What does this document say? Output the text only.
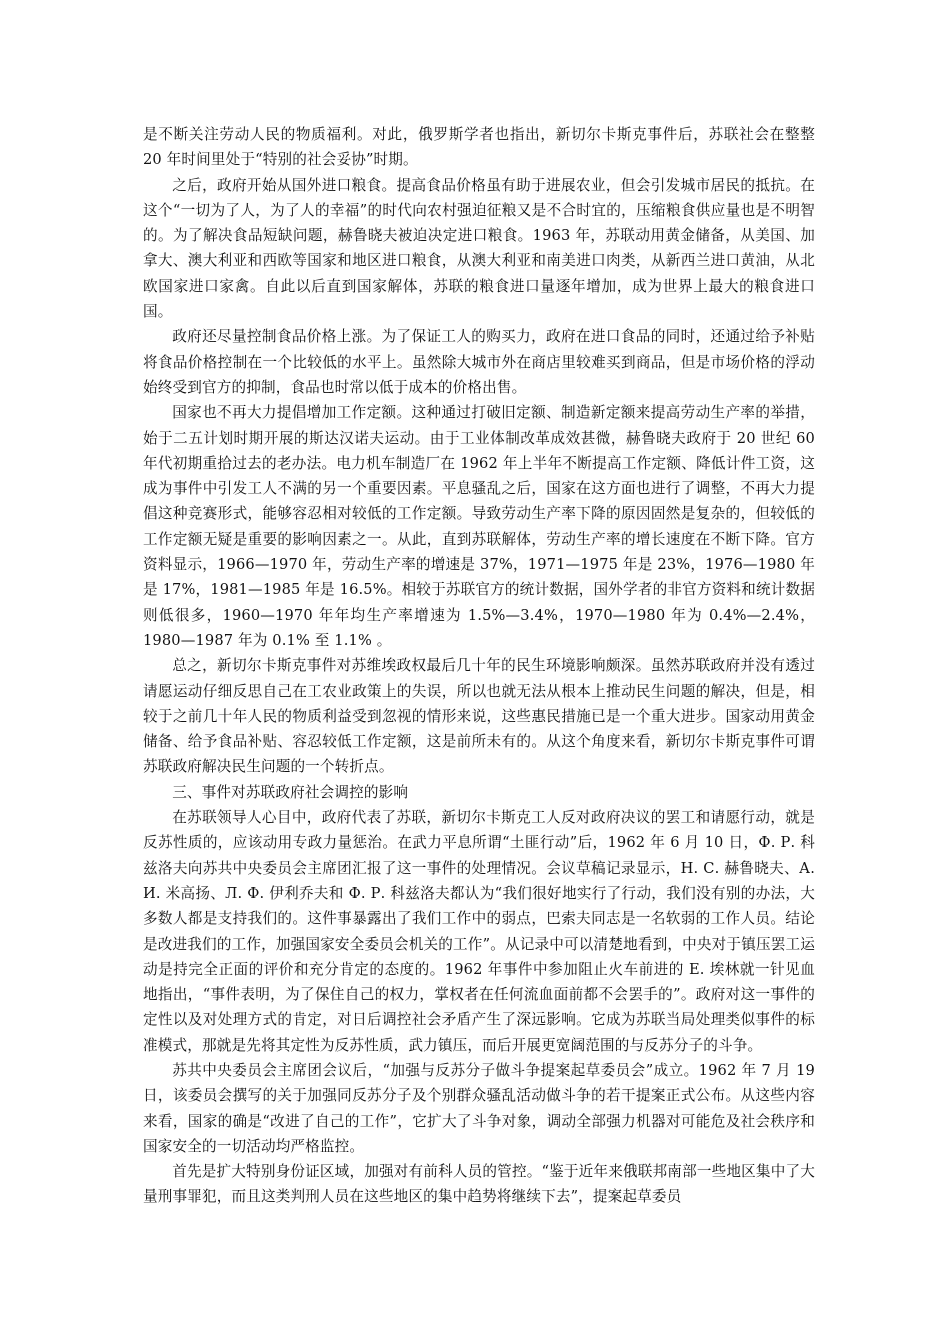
是不断关注劳动人民的物质福利。对此，俄罗斯学者也指出，新切尔卡斯克事件后，苏联社会在整整 20 年时间里处于“特别的社会妥协”时期。

之后，政府开始从国外进口粮食。提高食品价格虽有助于进展农业，但会引发城市居民的抵抗。在这个“一切为了人，为了人的幸福”的时代向农村强迫征粮又是不合时宜的，压缩粮食供应量也是不明智的。为了解决食品短缺问题，赫鲁晓夫被迫决定进口粮食。1963 年，苏联动用黄金储备，从美国、加拿大、澳大利亚和西欧等国家和地区进口粮食，从澳大利亚和南美进口肉类，从新西兰进口黄油，从北欧国家进口家禽。自此以后直到国家解体，苏联的粮食进口量逐年增加，成为世界上最大的粮食进口国。

政府还尽量控制食品价格上涨。为了保证工人的购买力，政府在进口食品的同时，还通过给予补贴将食品价格控制在一个比较低的水平上。虽然除大城市外在商店里较难买到商品，但是市场价格的浮动始终受到官方的抑制，食品也时常以低于成本的价格出售。

国家也不再大力提倡增加工作定额。这种通过打破旧定额、制造新定额来提高劳动生产率的举措，始于二五计划时期开展的斯达汉诺夫运动。由于工业体制改革成效甚微，赫鲁晓夫政府于 20 世纪 60 年代初期重拾过去的老办法。电力机车制造厂在 1962 年上半年不断提高工作定额、降低计件工资，这成为事件中引发工人不满的另一个重要因素。平息骚乱之后，国家在这方面也进行了调整，不再大力提倡这种竞赛形式，能够容忍相对较低的工作定额。导致劳动生产率下降的原因固然是复杂的，但较低的工作定额无疑是重要的影响因素之一。从此，直到苏联解体，劳动生产率的增长速度在不断下降。官方资料显示，1966—1970 年，劳动生产率的增速是 37%，1971—1975 年是 23%，1976—1980 年是 17%，1981—1985 年是 16.5%。相较于苏联官方的统计数据，国外学者的非官方资料和统计数据则低很多，1960—1970 年年均生产率增速为 1.5%—3.4%，1970—1980 年为 0.4%—2.4%，1980—1987 年为 0.1% 至 1.1% 。

总之，新切尔卡斯克事件对苏维埃政权最后几十年的民生环境影响颇深。虽然苏联政府并没有透过请愿运动仔细反思自己在工农业政策上的失误，所以也就无法从根本上推动民生问题的解决，但是，相较于之前几十年人民的物质利益受到忽视的情形来说，这些惠民措施已是一个重大进步。国家动用黄金储备、给予食品补贴、容忍较低工作定额，这是前所未有的。从这个角度来看，新切尔卡斯克事件可谓苏联政府解决民生问题的一个转折点。

三、事件对苏联政府社会调控的影响

在苏联领导人心目中，政府代表了苏联，新切尔卡斯克工人反对政府决议的罢工和请愿行动，就是反苏性质的，应该动用专政力量惩治。在武力平息所谓“土匪行动”后，1962 年 6 月 10 日，Ф. Р. 科兹洛夫向苏共中央委员会主席团汇报了这一事件的处理情况。会议草稿记录显示，Н. С. 赫鲁晓夫、А. И. 米高扬、Л. Ф. 伊利乔夫和 Ф. Р. 科兹洛夫都认为“我们很好地实行了行动，我们没有别的办法，大多数人都是支持我们的。这件事暴露出了我们工作中的弱点，巴索夫同志是一名软弱的工作人员。结论是改进我们的工作，加强国家安全委员会机关的工作”。从记录中可以清楚地看到，中央对于镇压罢工运动是持完全正面的评价和充分肯定的态度的。1962 年事件中参加阻止火车前进的 Е. 埃林就一针见血地指出，“事件表明，为了保住自己的权力，掌权者在任何流血面前都不会罢手的”。政府对这一事件的定性以及对处理方式的肯定，对日后调控社会矛盾产生了深远影响。它成为苏联当局处理类似事件的标准模式，那就是先将其定性为反苏性质，武力镇压，而后开展更宽阔范围的与反苏分子的斗争。

苏共中央委员会主席团会议后，“加强与反苏分子做斗争提案起草委员会”成立。1962 年 7 月 19 日，该委员会撰写的关于加强同反苏分子及个别群众骚乱活动做斗争的若干提案正式公布。从这些内容来看，国家的确是“改进了自己的工作”，它扩大了斗争对象，调动全部强力机器对可能危及社会秩序和国家安全的一切活动均严格监控。

首先是扩大特别身份证区域，加强对有前科人员的管控。“鉴于近年来俄联邦南部一些地区集中了大量刑事罪犯，而且这类判刑人员在这些地区的集中趋势将继续下去”，提案起草委员
